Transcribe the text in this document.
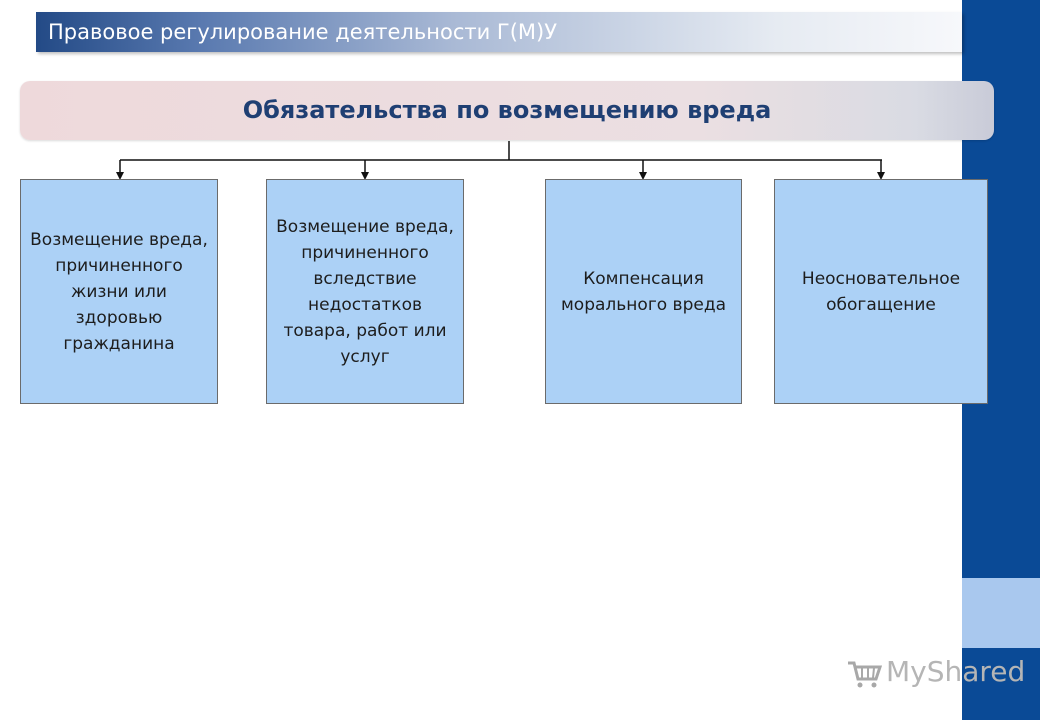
Правовое регулирование деятельности Г(М)У
Обязательства по возмещению вреда
Возмещение вреда, причиненного жизни или здоровью гражданина
Возмещение вреда, причиненного вследствие недостатков товара, работ или услуг
Компенсация морального вреда
Неосновательное обогащение
MyShared
